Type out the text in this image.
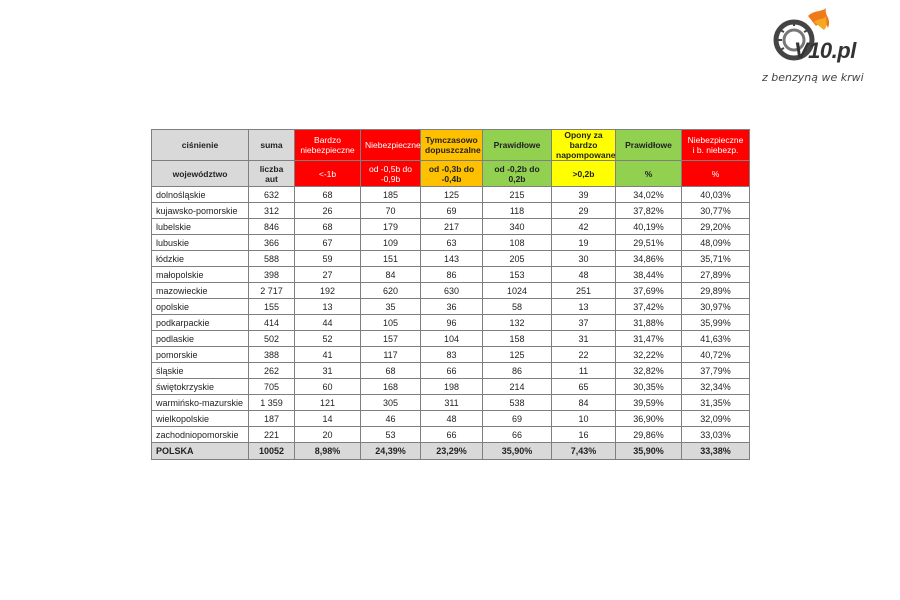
V10.pl
z benzyną we krwi
ciśnienie	suma	Bardzo niebezpieczne	Niebezpieczne	Tymczasowo dopuszczalne	Prawidłowe	Opony za bardzo napompowane	Prawidłowe	Niebezpieczne i b. niebezp.
województwo	liczba aut	<-1b	od -0,5b do -0,9b	od -0,3b do -0,4b	od -0,2b do 0,2b	>0,2b	%	%
dolnośląskie	632	68	185	125	215	39	34,02%	40,03%
kujawsko-pomorskie	312	26	70	69	118	29	37,82%	30,77%
lubelskie	846	68	179	217	340	42	40,19%	29,20%
lubuskie	366	67	109	63	108	19	29,51%	48,09%
łódzkie	588	59	151	143	205	30	34,86%	35,71%
małopolskie	398	27	84	86	153	48	38,44%	27,89%
mazowieckie	2 717	192	620	630	1024	251	37,69%	29,89%
opolskie	155	13	35	36	58	13	37,42%	30,97%
podkarpackie	414	44	105	96	132	37	31,88%	35,99%
podlaskie	502	52	157	104	158	31	31,47%	41,63%
pomorskie	388	41	117	83	125	22	32,22%	40,72%
śląskie	262	31	68	66	86	11	32,82%	37,79%
świętokrzyskie	705	60	168	198	214	65	30,35%	32,34%
warmińsko-mazurskie	1 359	121	305	311	538	84	39,59%	31,35%
wielkopolskie	187	14	46	48	69	10	36,90%	32,09%
zachodniopomorskie	221	20	53	66	66	16	29,86%	33,03%
POLSKA	10052	8,98%	24,39%	23,29%	35,90%	7,43%	35,90%	33,38%
